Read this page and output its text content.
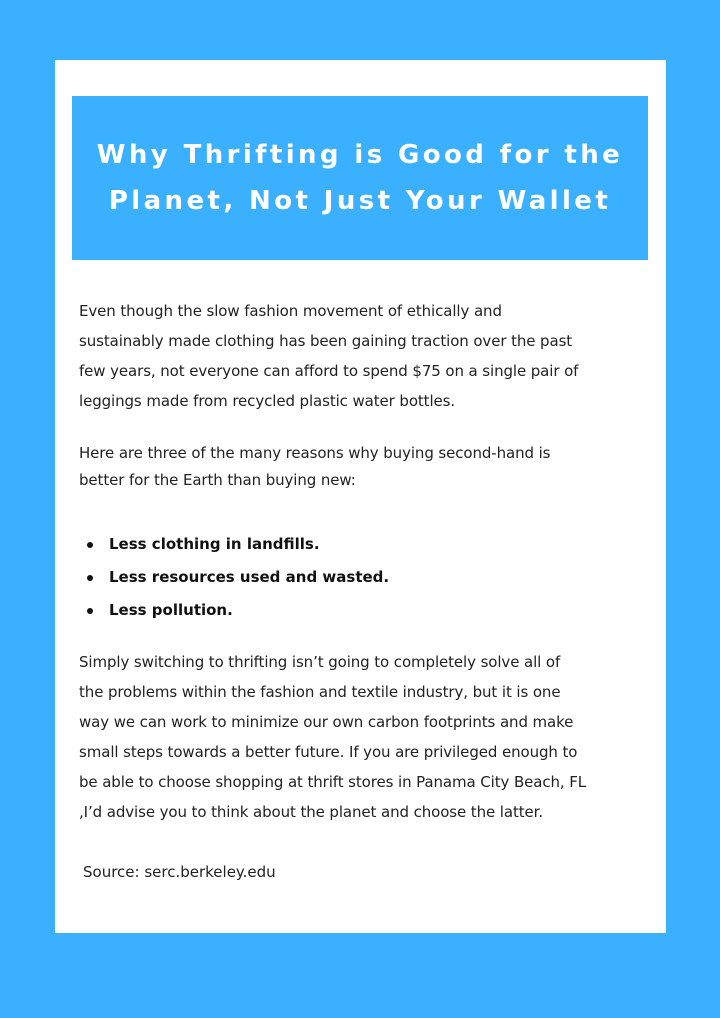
Why Thrifting is Good for the
Planet, Not Just Your Wallet

Even though the slow fashion movement of ethically and
sustainably made clothing has been gaining traction over the past
few years, not everyone can afford to spend $75 on a single pair of
leggings made from recycled plastic water bottles.

Here are three of the many reasons why buying second-hand is
better for the Earth than buying new:

Less clothing in landfills.
Less resources used and wasted.
Less pollution.

Simply switching to thrifting isn’t going to completely solve all of
the problems within the fashion and textile industry, but it is one
way we can work to minimize our own carbon footprints and make
small steps towards a better future. If you are privileged enough to
be able to choose shopping at thrift stores in Panama City Beach, FL
,I’d advise you to think about the planet and choose the latter.

Source: serc.berkeley.edu
